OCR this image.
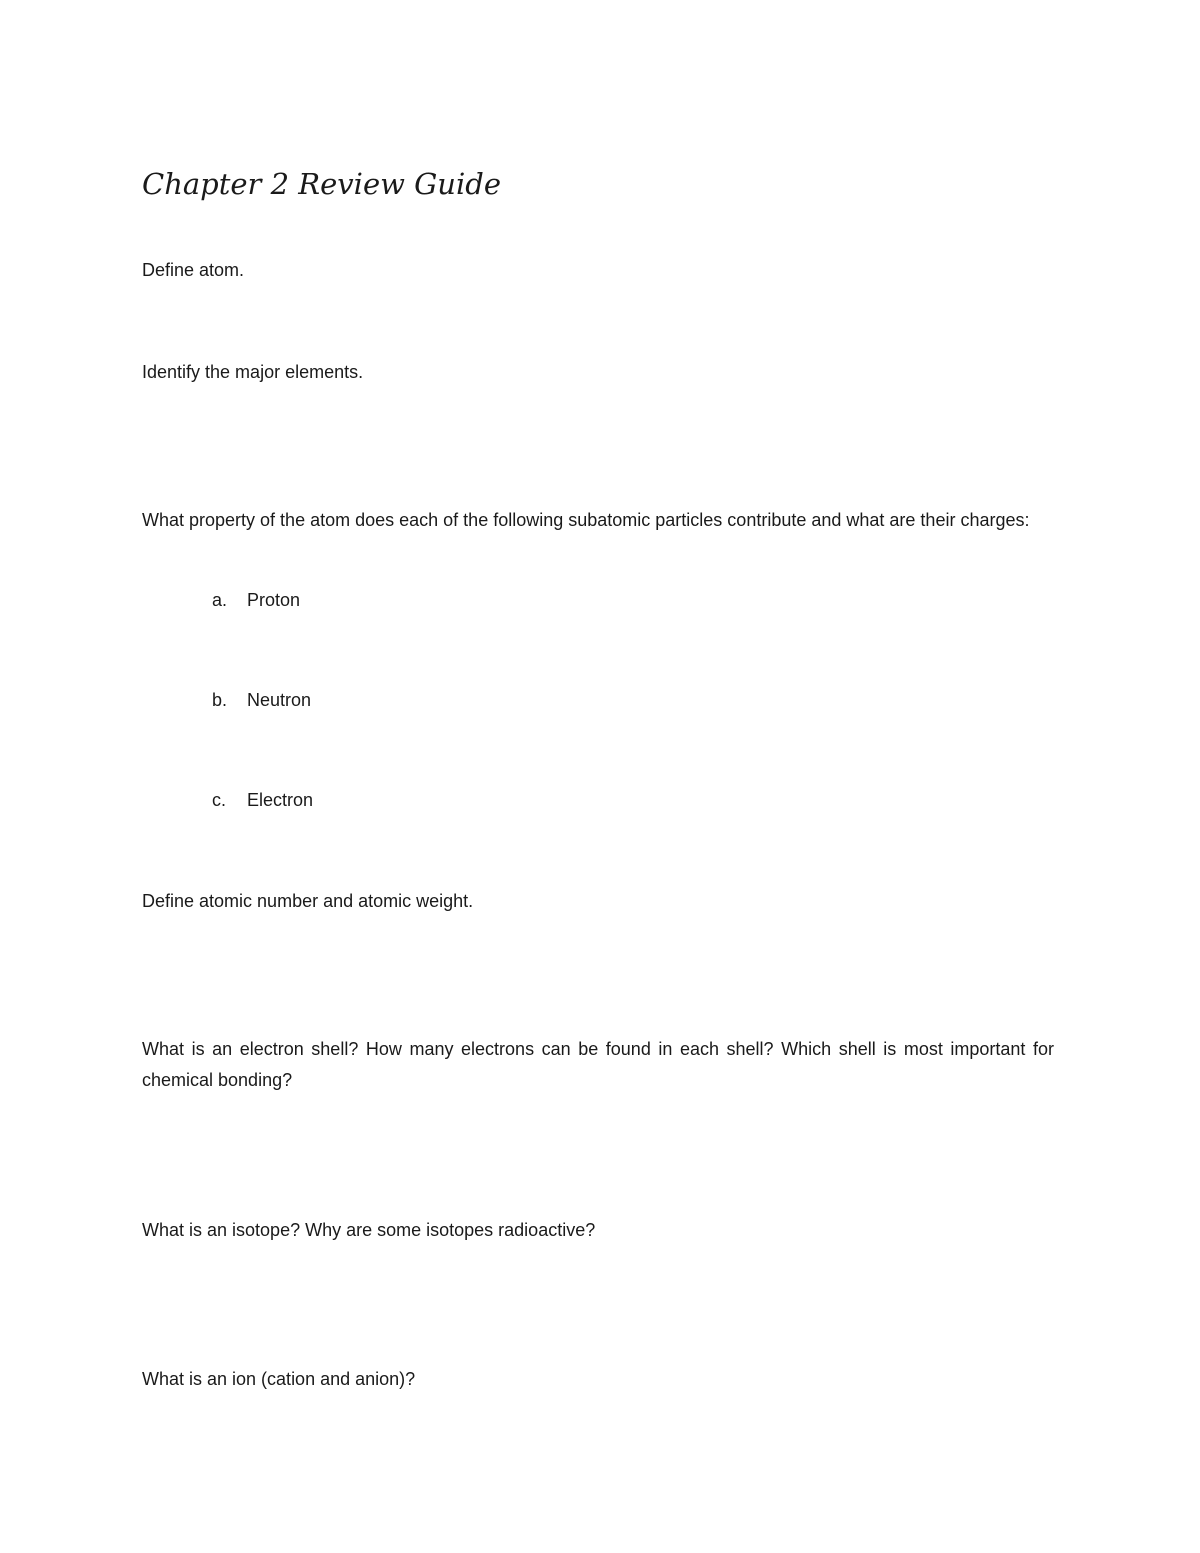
Chapter 2 Review Guide

Define atom.

Identify the major elements.

What property of the atom does each of the following subatomic particles contribute and what are their charges:

a.	Proton
b.	Neutron
c.	Electron

Define atomic number and atomic weight.

What is an electron shell? How many electrons can be found in each shell? Which shell is most important for chemical bonding?

What is an isotope? Why are some isotopes radioactive?

What is an ion (cation and anion)?
